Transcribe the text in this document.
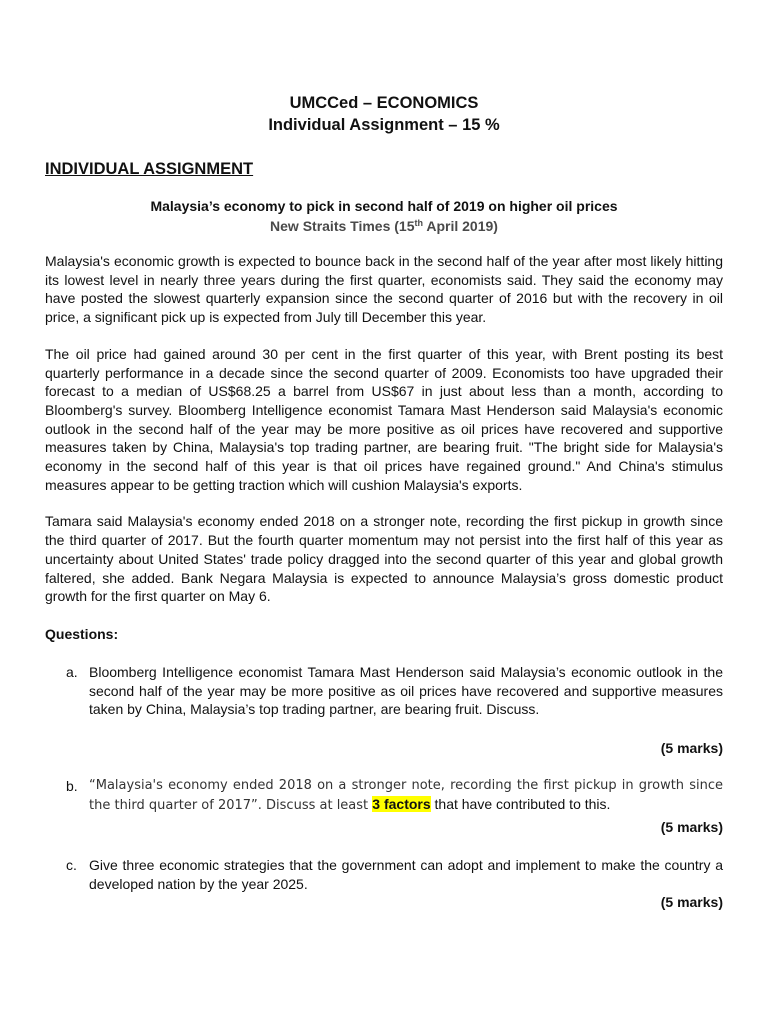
UMCCed – ECONOMICS
Individual Assignment – 15 %
INDIVIDUAL ASSIGNMENT
Malaysia’s economy to pick in second half of 2019 on higher oil prices
New Straits Times (15th April 2019)
Malaysia's economic growth is expected to bounce back in the second half of the year after most likely hitting its lowest level in nearly three years during the first quarter, economists said. They said the economy may have posted the slowest quarterly expansion since the second quarter of 2016 but with the recovery in oil price, a significant pick up is expected from July till December this year.
The oil price had gained around 30 per cent in the first quarter of this year, with Brent posting its best quarterly performance in a decade since the second quarter of 2009. Economists too have upgraded their forecast to a median of US$68.25 a barrel from US$67 in just about less than a month, according to Bloomberg's survey. Bloomberg Intelligence economist Tamara Mast Henderson said Malaysia's economic outlook in the second half of the year may be more positive as oil prices have recovered and supportive measures taken by China, Malaysia's top trading partner, are bearing fruit. "The bright side for Malaysia's economy in the second half of this year is that oil prices have regained ground." And China's stimulus measures appear to be getting traction which will cushion Malaysia's exports.
Tamara said Malaysia's economy ended 2018 on a stronger note, recording the first pickup in growth since the third quarter of 2017. But the fourth quarter momentum may not persist into the first half of this year as uncertainty about United States' trade policy dragged into the second quarter of this year and global growth faltered, she added. Bank Negara Malaysia is expected to announce Malaysia’s gross domestic product growth for the first quarter on May 6.
Questions:
a. Bloomberg Intelligence economist Tamara Mast Henderson said Malaysia’s economic outlook in the second half of the year may be more positive as oil prices have recovered and supportive measures taken by China, Malaysia’s top trading partner, are bearing fruit. Discuss.
(5 marks)
b. “Malaysia's economy ended 2018 on a stronger note, recording the first pickup in growth since the third quarter of 2017”. Discuss at least 3 factors that have contributed to this.
(5 marks)
c. Give three economic strategies that the government can adopt and implement to make the country a developed nation by the year 2025.
(5 marks)
